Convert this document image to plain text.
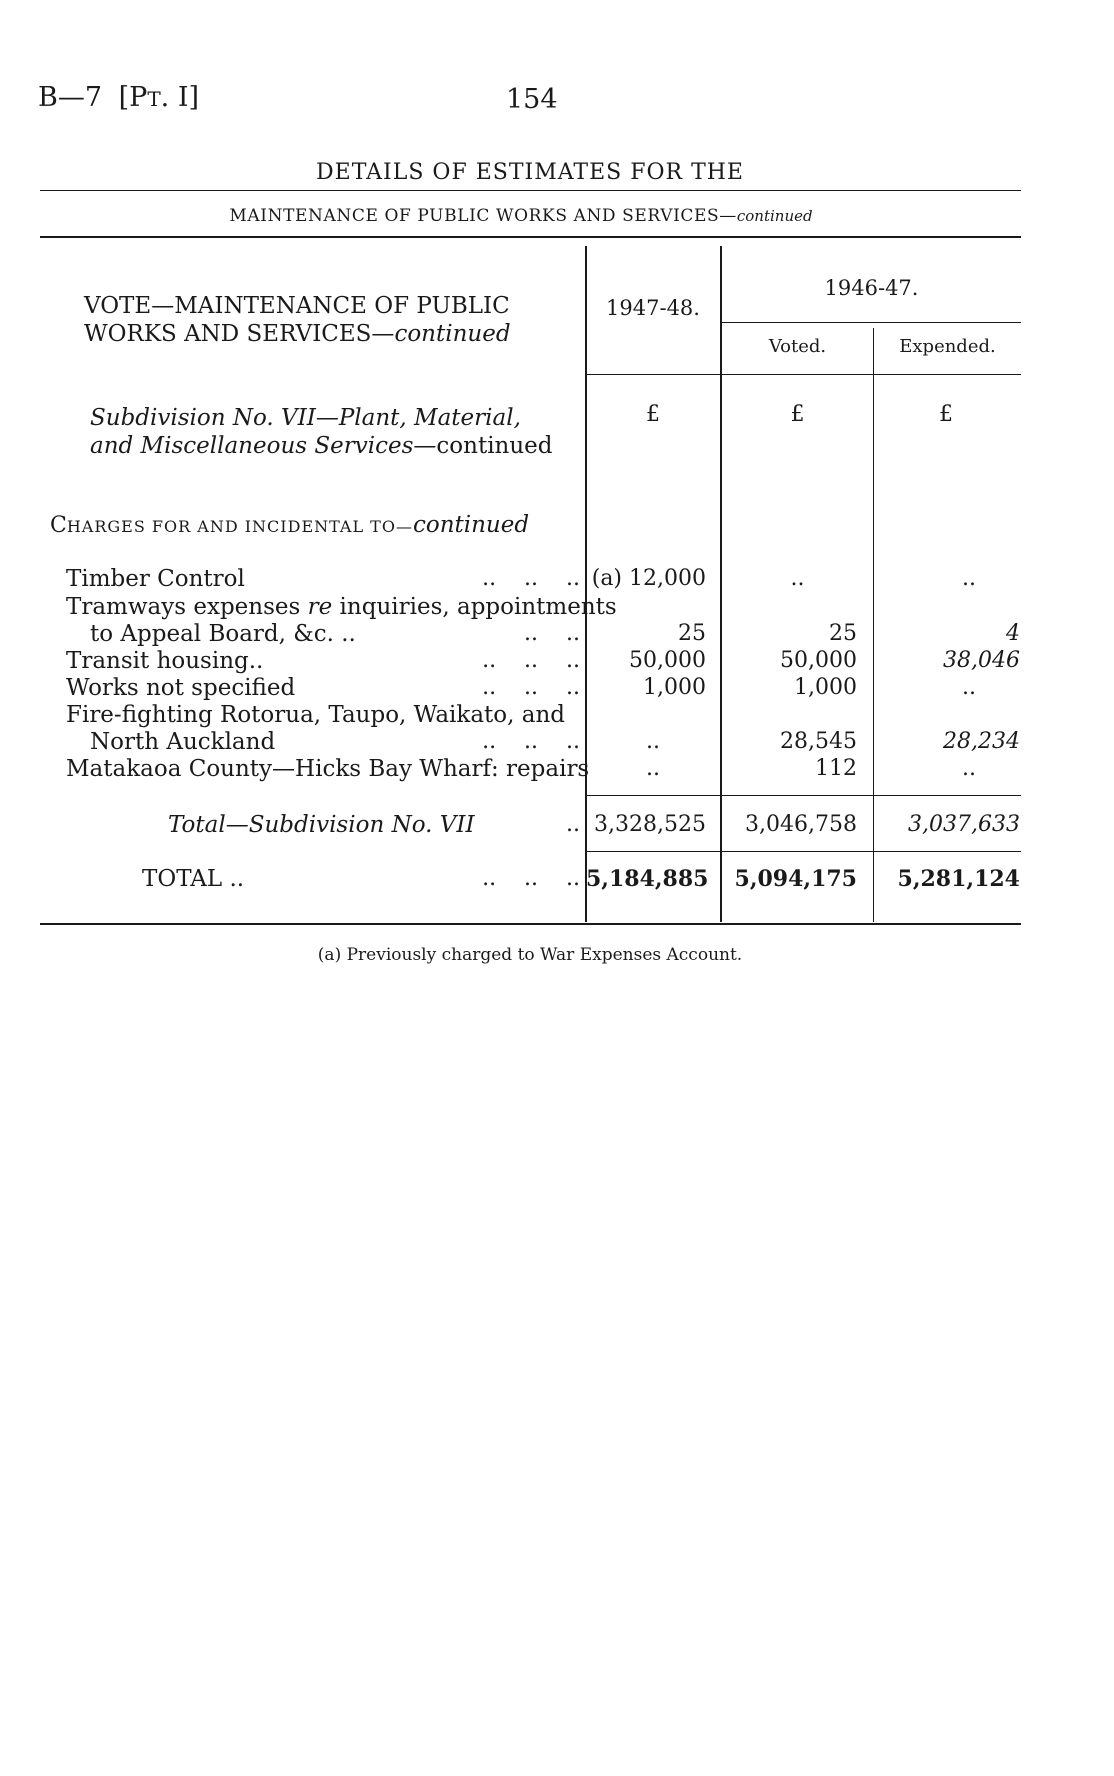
B—7 [PT. I]	154
DETAILS OF ESTIMATES FOR THE
MAINTENANCE OF PUBLIC WORKS AND SERVICES—continued
VOTE—MAINTENANCE OF PUBLIC
WORKS AND SERVICES—continued
1947-48.
1946-47.
Voted.	Expended.
£	£	£
Subdivision No. VII—Plant, Material,
and Miscellaneous Services—continued
CHARGES FOR AND INCIDENTAL TO—continued
Timber Control	..    ..    .. (a) 12,000	..	..
Tramways expenses re inquiries, appointments
to Appeal Board, &c. ..	..    ..	25	25	4
Transit housing..	..    ..    ..	50,000	50,000	38,046
Works not specified	..    ..    ..	1,000	1,000	..
Fire-fighting Rotorua, Taupo, Waikato, and
North Auckland	..    ..    ..	..	28,545	28,234
Matakaoa County—Hicks Bay Wharf: repairs	..	112	..
Total—Subdivision No. VII	.. 3,328,525	3,046,758	3,037,633
TOTAL ..	..    ..    .. 5,184,885	5,094,175	5,281,124
(a) Previously charged to War Expenses Account.
